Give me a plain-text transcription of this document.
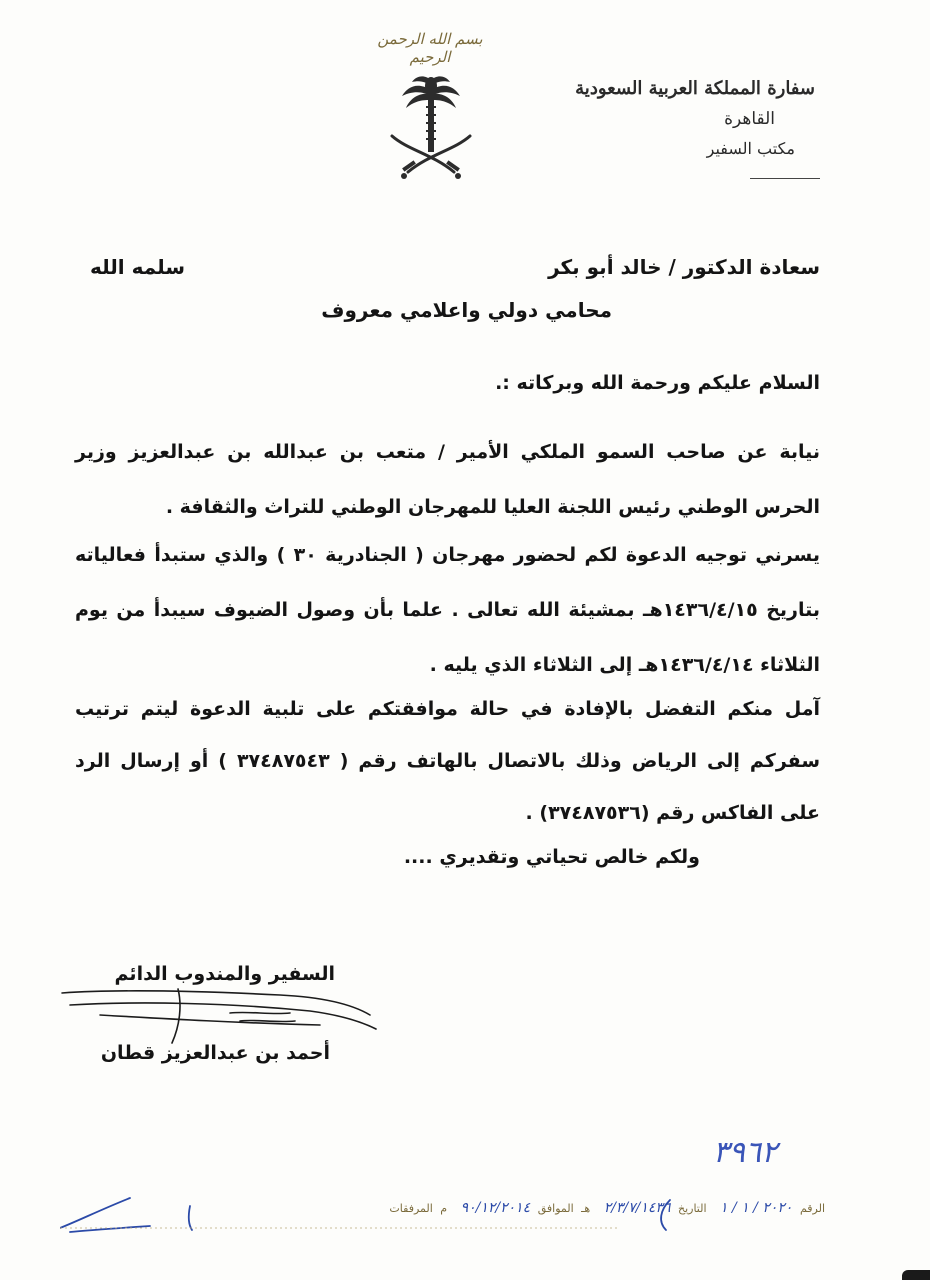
بسم الله الرحمن الرحيم
سفارة المملكة العربية السعودية
القاهرة
مكتب السفير
سعادة الدكتور / خالد أبو بكر
سلمه الله
محامي دولي واعلامي معروف
السلام عليكم ورحمة الله وبركاته :.
نيابة عن صاحب السمو الملكي الأمير / متعب بن عبدالله بن عبدالعزيز وزير الحرس الوطني رئيس اللجنة العليا للمهرجان الوطني للتراث والثقافة .
يسرني توجيه الدعوة لكم لحضور مهرجان ( الجنادرية ٣٠ ) والذي ستبدأ فعالياته بتاريخ ١٤٣٦/٤/١٥هـ بمشيئة الله تعالى . علما بأن وصول الضيوف سيبدأ من يوم الثلاثاء ١٤٣٦/٤/١٤هـ إلى الثلاثاء الذي يليه .
آمل منكم التفضل بالإفادة في حالة موافقتكم على تلبية الدعوة ليتم ترتيب سفركم إلى الرياض وذلك بالاتصال بالهاتف رقم ( ٣٧٤٨٧٥٤٣ ) أو إرسال الرد على الفاكس رقم (٣٧٤٨٧٥٣٦) .
ولكم خالص تحياتي وتقديري ....
السفير والمندوب الدائم
أحمد بن عبدالعزيز قطان
٣٩٦٢
الرقم ٢٠٢٠ / ١ / ١ التاريخ ٢/٣/٧/١٤٣٦ هـ الموافق ٩٠/١٢/٢٠١٤ م المرفقات
